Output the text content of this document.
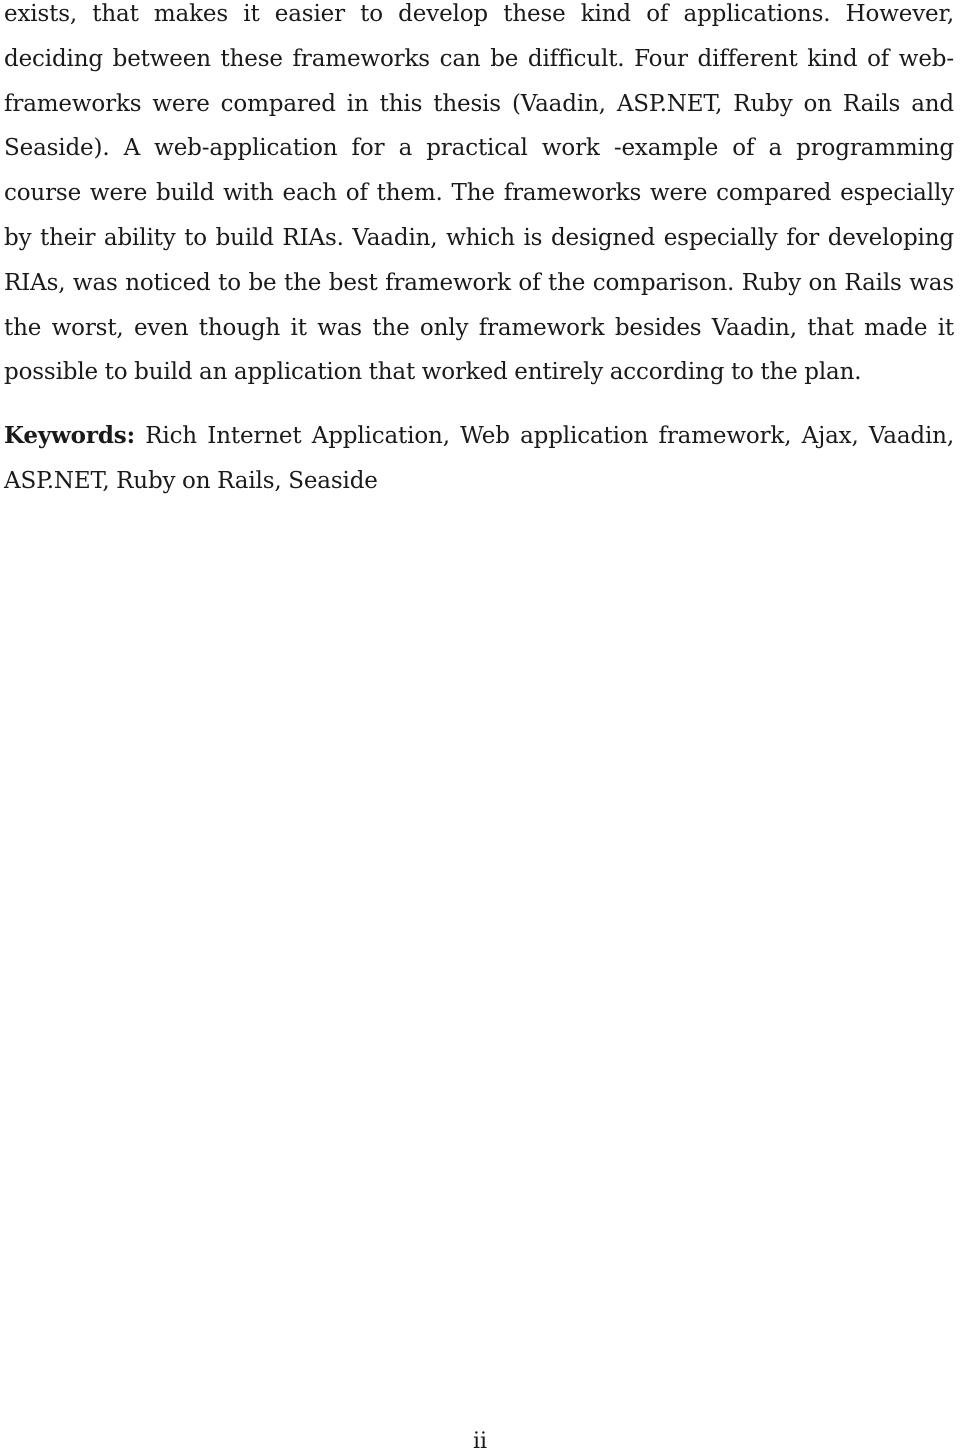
exists, that makes it easier to develop these kind of applications. However, deciding between these frameworks can be difficult. Four different kind of web-frameworks were compared in this thesis (Vaadin, ASP.NET, Ruby on Rails and Seaside). A web-application for a practical work -example of a programming course were build with each of them. The frameworks were compared especially by their ability to build RIAs. Vaadin, which is designed especially for developing RIAs, was noticed to be the best framework of the comparison. Ruby on Rails was the worst, even though it was the only framework besides Vaadin, that made it possible to build an application that worked entirely according to the plan.

Keywords: Rich Internet Application, Web application framework, Ajax, Vaadin, ASP.NET, Ruby on Rails, Seaside

ii
